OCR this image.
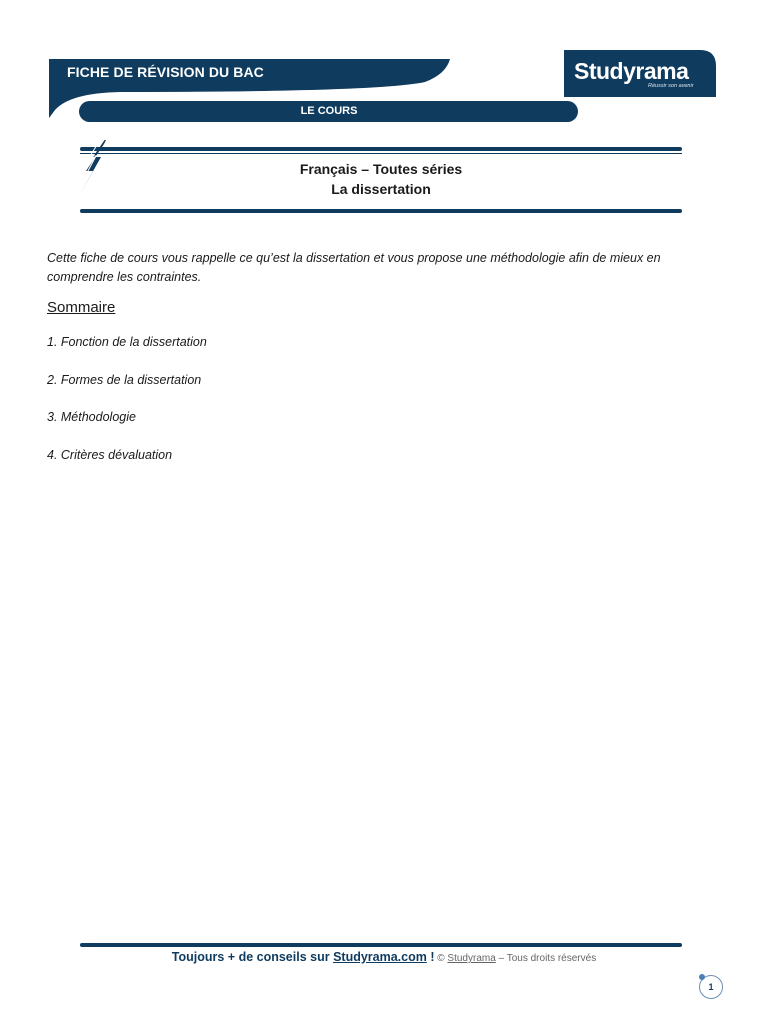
FICHE DE RÉVISION DU BAC
LE COURS
Studyrama
Réussir son avenir
Français – Toutes séries
La dissertation
Cette fiche de cours vous rappelle ce qu’est la dissertation et vous propose une méthodologie afin de mieux en comprendre les contraintes.
Sommaire
1. Fonction de la dissertation
2. Formes de la dissertation
3. Méthodologie
4. Critères dévaluation
Toujours + de conseils sur Studyrama.com ! © Studyrama – Tous droits réservés
1
